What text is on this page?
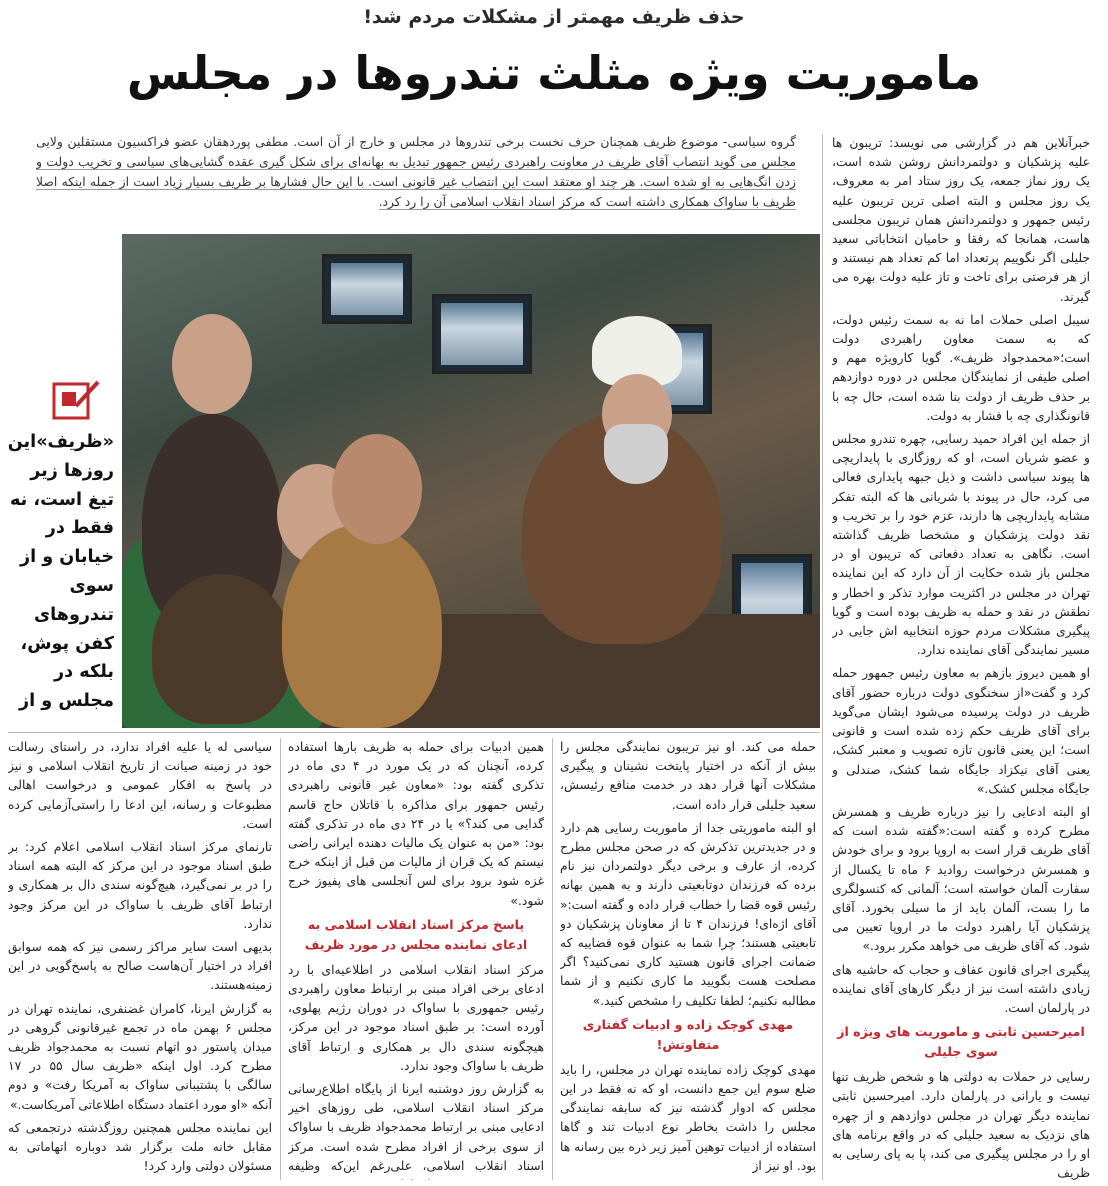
حذف ظریف مهمتر از مشکلات مردم شد!
ماموریت ویژه مثلث تندروها در مجلس
گروه سیاسی- موضوع ظریف همچنان حرف نخست برخی تندروها در مجلس و خارج از آن است. مطفی پوردهقان عضو فراکسیون مستقلین ولایی مجلس می گوید انتصاب آقای ظریف در معاونت راهبردی رئیس جمهور تبدیل به بهانه‌ای برای شکل گیری عقده گشایی‌های سیاسی و تخریب دولت و زدن انگ‌هایی به او شده است. هر چند او معتقد است این انتصاب غیر قانونی است. با این حال فشارها بر ظریف بسیار زیاد است از جمله اینکه اصلا ظریف با ساواک همکاری داشته است که مرکز اسناد انقلاب اسلامی آن را رد کرد.
«ظریف»این روزها زیر تیغ است، نه فقط در خیابان و از سوی تندروهای کفن پوش، بلکه در مجلس و از

خبرآنلاین هم در گزارشی می نویسد: تریبون ها علیه پزشکیان و دولتمردانش روشن شده است، یک روز نماز جمعه، یک روز ستاد امر به معروف، یک روز مجلس و البته اصلی ترین تریبون علیه رئیس جمهور و دولتمردانش همان تریبون مجلسی هاست، همانجا که رفقا و حامیان انتخاباتی سعید جلیلی اگر نگوییم پرتعداد اما کم تعداد هم نیستند و از هر فرصتی برای تاخت و تاز علیه دولت بهره می گیرند.

سیبل اصلی حملات اما نه به سمت رئیس دولت، که به سمت معاون راهبردی دولت است؛«محمدجواد ظریف». گویا کارویژه مهم و اصلی طیفی از نمایندگان مجلس در دوره دوازدهم بر حذف ظریف از دولت بنا شده است، حال چه با قانونگذاری چه با فشار به دولت.

از جمله این افراد حمید رسایی، چهره تندرو مجلس و عضو شریان است، او که روزگاری با پایداریچی ها پیوند سیاسی داشت و ذیل جبهه پایداری فعالی می کرد، حال در پیوند با شریانی ها که البته تفکر مشابه پایداریچی ها دارند، عزم خود را بر تخریب و نقد دولت پزشکیان و مشخصا ظریف گذاشته است. نگاهی به تعداد دفعاتی که تریبون او در مجلس باز شده حکایت از آن دارد که این نماینده تهران در مجلس در اکثریت موارد تذکر و اخطار و نطقش در نقد و حمله به ظریف بوده است و گویا پیگیری مشکلات مردم حوزه انتخابیه اش جایی در مسیر نمایندگی آقای نماینده ندارد.

او همین دیروز بازهم به معاون رئیس جمهور حمله کرد و گفت«از سخنگوی دولت درباره حضور آقای ظریف در دولت پرسیده می‌شود ایشان می‌گوید برای آقای ظریف حکم زده شده است و قانونی است؛ این یعنی قانون تازه تصویب و معتبر کشک، یعنی آقای نیکزاد جایگاه شما کشک، صندلی و جایگاه مجلس کشک.»

او البته ادعایی را نیز درباره ظریف و همسرش مطرح کرده و گفته است:«گفته شده است که آقای ظریف قرار است به اروپا برود و برای خودش و همسرش درخواست روادید ۶ ماه تا یکسال از سفارت آلمان خواسته است؛ آلمانی که کنسولگری ما را بست، آلمان باید از ما سیلی بخورد. آقای پزشکیان آیا راهبرد دولت ما در اروپا تعیین می شود. که آقای ظریف می خواهد مکرر برود.»

پیگیری اجرای قانون عفاف و حجاب که حاشیه های زیادی داشته است نیز از دیگر کارهای آقای نماینده در پارلمان است.

امیرحسین ثابتی و ماموریت های ویژه از سوی جلیلی

رسایی در حملات به دولتی ها و شخص ظریف تنها نیست و یارانی در پارلمان دارد. امیرحسین ثابتی نماینده دیگر تهران در مجلس دوازدهم و از چهره های نزدیک به سعید جلیلی که در واقع برنامه های او را در مجلس پیگیری می کند، پا به پای رسایی به ظریف

حمله می کند. او نیز تریبون نمایندگی مجلس را بیش از آنکه در اختیار پایتخت نشینان و پیگیری مشکلات آنها قرار دهد در خدمت منافع رئیسش، سعید جلیلی قرار داده است.

او البته ماموریتی جدا از ماموریت رسایی هم دارد و در جدیدترین تذکرش که در صحن مجلس مطرح کرده، از عارف و برخی دیگر دولتمردان نیز نام برده که فرزندان دوتابعیتی دارند و به همین بهانه رئیس قوه قضا را خطاب قرار داده و گفته است:« آقای اژه‌ای! فرزندان ۴ تا از معاونان پزشکیان دو تابعیتی هستند؛ چرا شما به عنوان قوه قضاییه که ضمانت اجرای قانون هستید کاری نمی‌کنید؟ اگر مصلحت هست بگویید ما کاری نکنیم و از شما مطالبه نکنیم؛ لطفا تکلیف را مشخص کنید.»

مهدی کوچک زاده و ادبیات گفتاری متفاوتش!

مهدی کوچک زاده نماینده تهران در مجلس، را باید ضلع سوم این جمع دانست، او که نه فقط در این مجلس که ادوار گذشته نیز که سابقه نمایندگی مجلس را داشت بخاطر نوع ادبیات تند و گاها استفاده از ادبیات توهین آمیز زیر ذره بین رسانه ها بود. او نیز از

همین ادبیات برای حمله به ظریف بارها استفاده کرده، آنچنان که در یک مورد در ۴ دی ماه در تذکری گفته بود: «معاون غیر قانونی راهبردی رئیس جمهور برای مذاکره با قاتلان حاج قاسم گدایی می کند؟» یا در ۲۴ دی ماه در تذکری گفته بود: «من به عنوان یک مالیات دهنده ایرانی راضی نیستم که یک قران از مالیات من قبل از اینکه خرج غزه شود برود برای لس آنجلسی های پفیوز خرج شود.»

پاسخ مرکز اسناد انقلاب اسلامی به ادعای نماینده مجلس در مورد ظریف

مرکز اسناد انقلاب اسلامی در اطلاعیه‌ای با رد ادعای برخی افراد مبنی بر ارتباط معاون راهبردی رئیس جمهوری با ساواک در دوران رژیم پهلوی، آورده است: بر طبق اسناد موجود در این مرکز، هیچگونه سندی دال بر همکاری و ارتباط آقای ظریف با ساواک وجود ندارد.

به گزارش روز دوشنبه ایرنا از پایگاه اطلاع‌رسانی مرکز اسناد انقلاب اسلامی، طی روزهای اخیر ادعایی مبنی بر ارتباط محمدجواد ظریف با ساواک از سوی برخی از افراد مطرح شده است. مرکز اسناد انقلاب اسلامی، علی‌رغم این‌که وظیفه

سیاسی له یا علیه افراد ندارد، در راستای رسالت خود در زمینه صیانت از تاریخ انقلاب اسلامی و نیز در پاسخ به افکار عمومی و درخواست اهالی مطبوعات و رسانه، این ادعا را راستی‌آزمایی کرده است.

تارنمای مرکز اسناد انقلاب اسلامی اعلام کرد: بر طبق اسناد موجود در این مرکز که البته همه اسناد را در بر نمی‌گیرد، هیچ‌گونه سندی دال بر همکاری و ارتباط آقای ظریف با ساواک در این مرکز وجود ندارد.

بدیهی است سایر مراکز رسمی نیز که همه سوابق افراد در اختیار آن‌هاست صالح به پاسخ‌گویی در این زمینه‌هستند.

به گزارش ایرنا، کامران غضنفری، نماینده تهران در مجلس ۶ بهمن ماه در تجمع غیرقانونی گروهی در میدان پاستور دو اتهام نسبت به محمدجواد ظریف مطرح کرد. اول اینکه «ظریف سال ۵۵ در ۱۷ سالگی با پشتیبانی ساواک به آمریکا رفت» و دوم آنکه «او مورد اعتماد دستگاه اطلاعاتی آمریکاست.»

این نماینده مجلس همچنین روزگذشته درتجمعی که مقابل خانه ملت برگزار شد دوباره اتهاماتی به مسئولان دولتی وارد کرد!
